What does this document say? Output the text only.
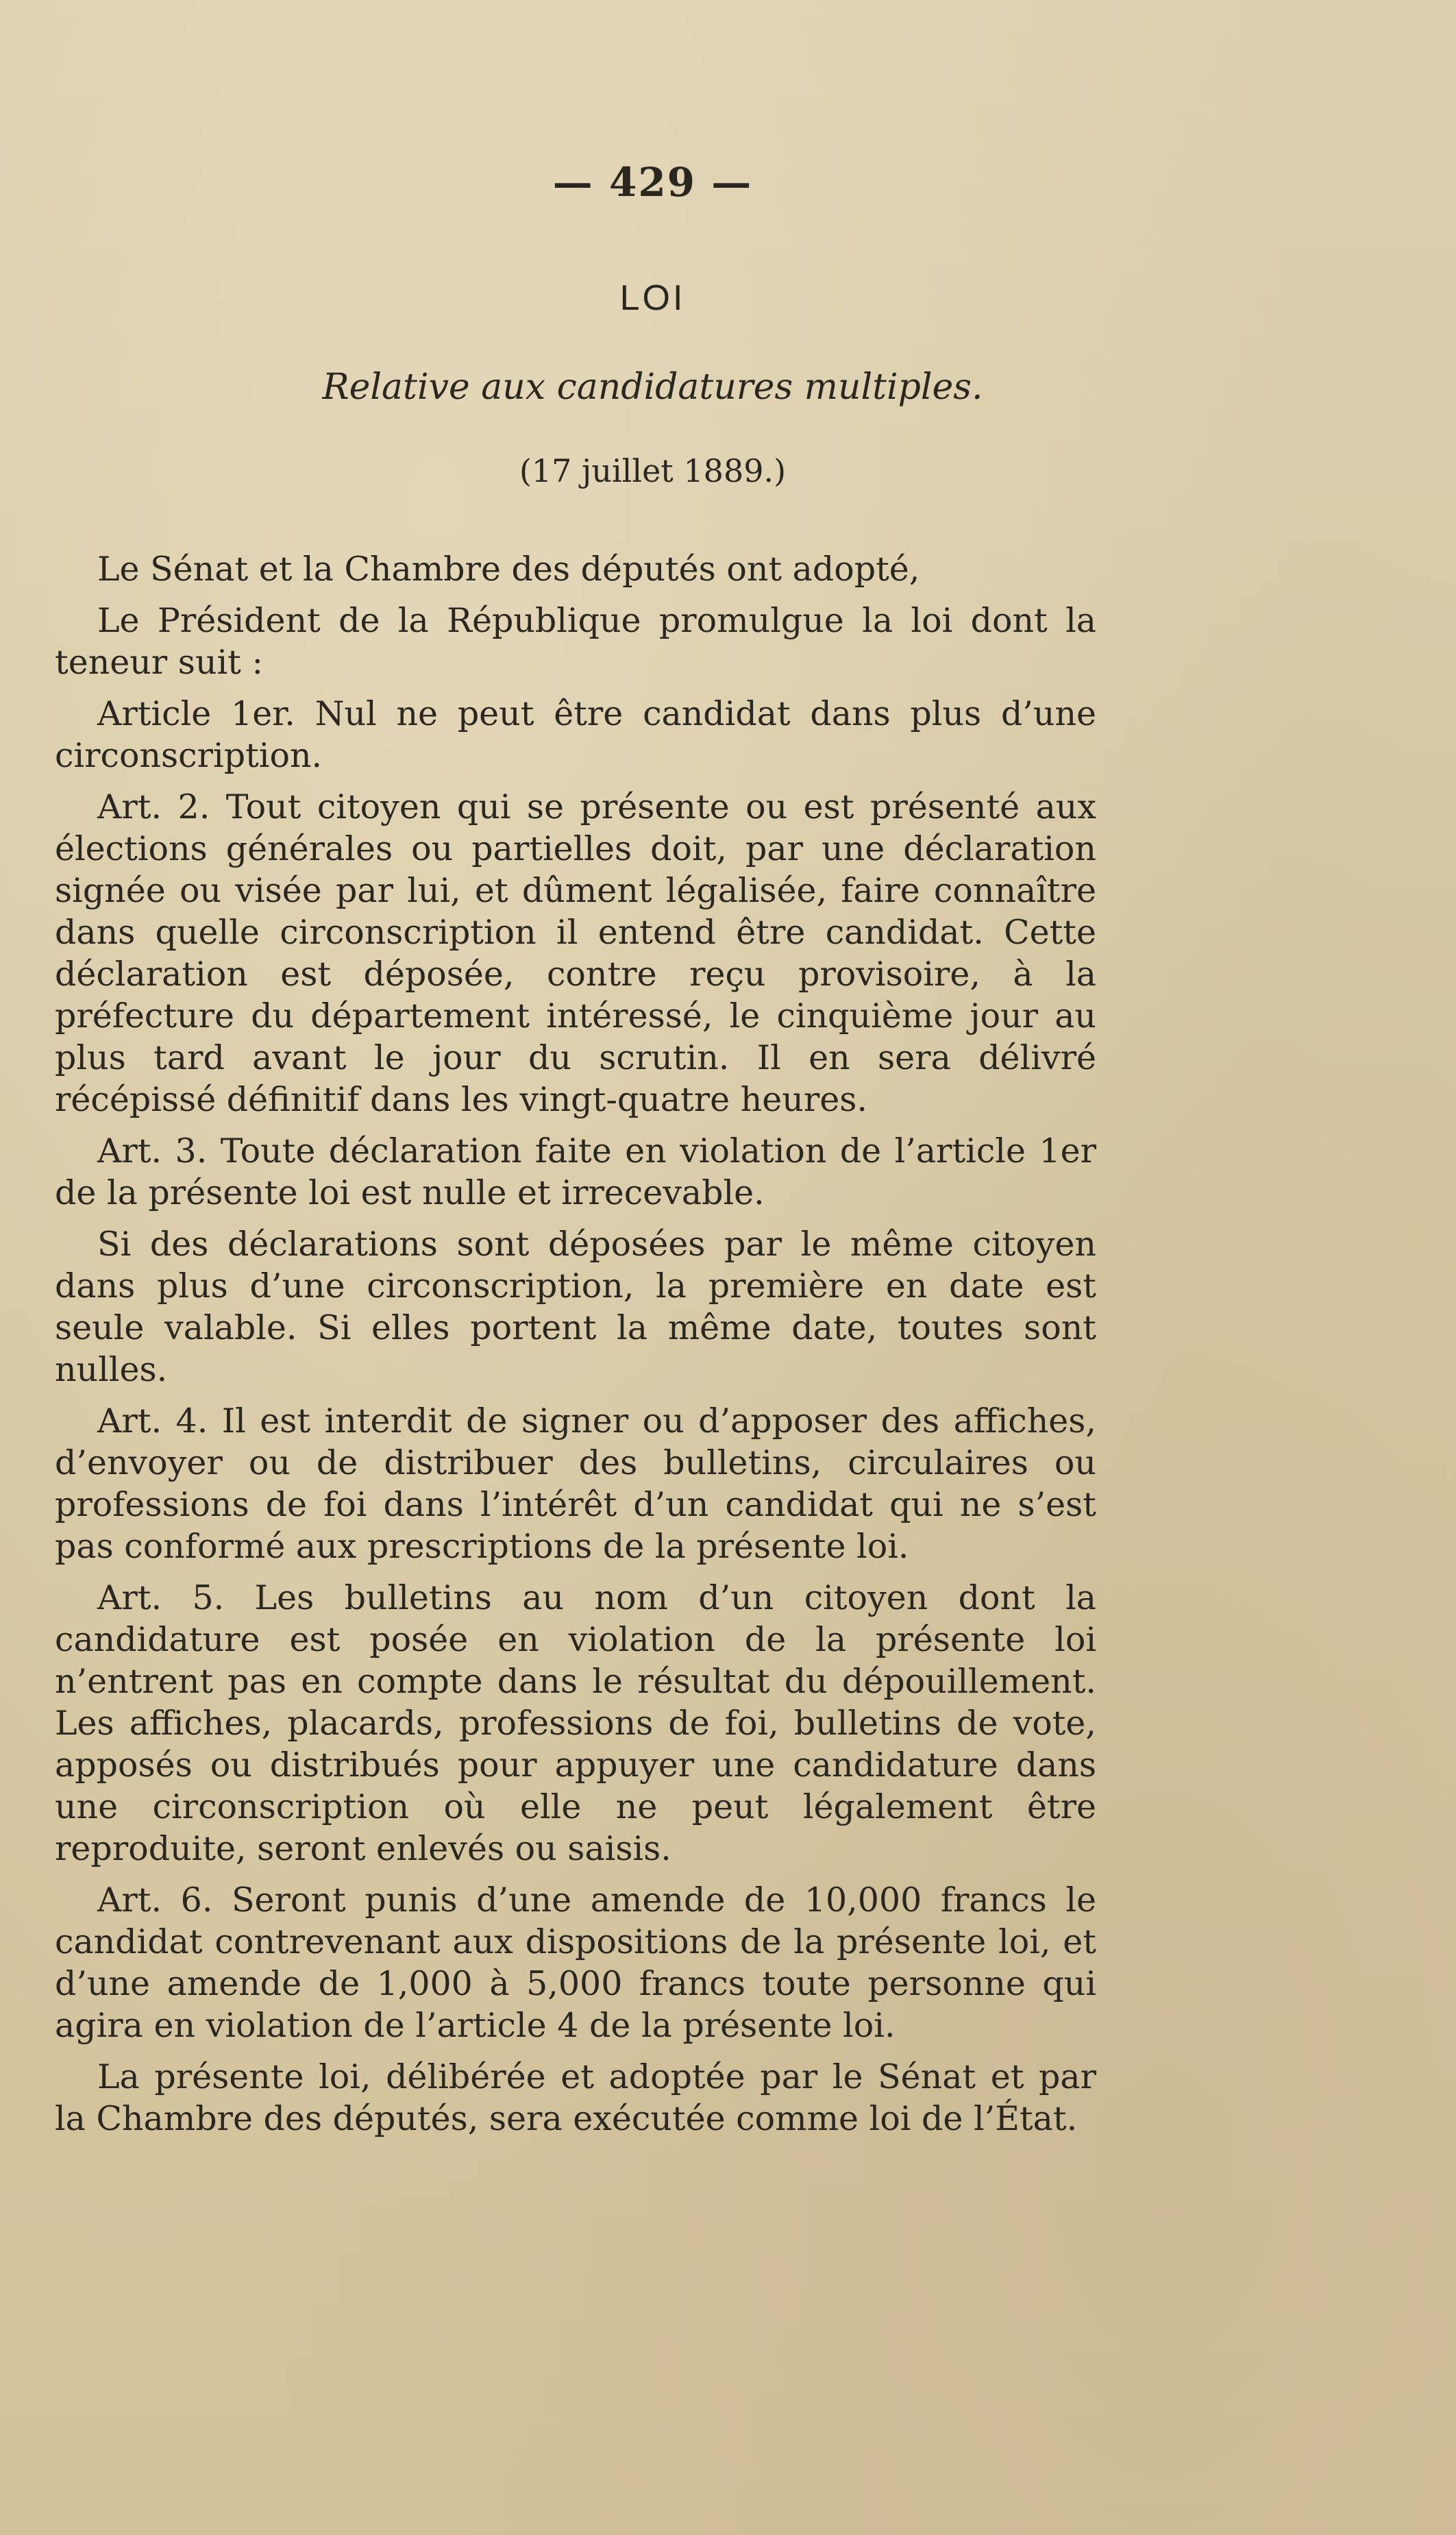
— 429 —
LOI
Relative aux candidatures multiples.
(17 juillet 1889.)

Le Sénat et la Chambre des députés ont adopté,

Le Président de la République promulgue la loi dont la teneur suit :

Article 1er. Nul ne peut être candidat dans plus d’une circonscription.

Art. 2. Tout citoyen qui se présente ou est présenté aux élections générales ou partielles doit, par une déclaration signée ou visée par lui, et dûment légalisée, faire connaître dans quelle circonscription il entend être candidat. Cette déclaration est déposée, contre reçu provisoire, à la préfecture du département intéressé, le cinquième jour au plus tard avant le jour du scrutin. Il en sera délivré récépissé définitif dans les vingt-quatre heures.

Art. 3. Toute déclaration faite en violation de l’article 1er de la présente loi est nulle et irrecevable.

Si des déclarations sont déposées par le même citoyen dans plus d’une circonscription, la première en date est seule valable. Si elles portent la même date, toutes sont nulles.

Art. 4. Il est interdit de signer ou d’apposer des affiches, d’envoyer ou de distribuer des bulletins, circulaires ou professions de foi dans l’intérêt d’un candidat qui ne s’est pas conformé aux prescriptions de la présente loi.

Art. 5. Les bulletins au nom d’un citoyen dont la candidature est posée en violation de la présente loi n’entrent pas en compte dans le résultat du dépouillement. Les affiches, placards, professions de foi, bulletins de vote, apposés ou distribués pour appuyer une candidature dans une circonscription où elle ne peut légalement être reproduite, seront enlevés ou saisis.

Art. 6. Seront punis d’une amende de 10,000 francs le candidat contrevenant aux dispositions de la présente loi, et d’une amende de 1,000 à 5,000 francs toute personne qui agira en violation de l’article 4 de la présente loi.

La présente loi, délibérée et adoptée par le Sénat et par la Chambre des députés, sera exécutée comme loi de l’État.
